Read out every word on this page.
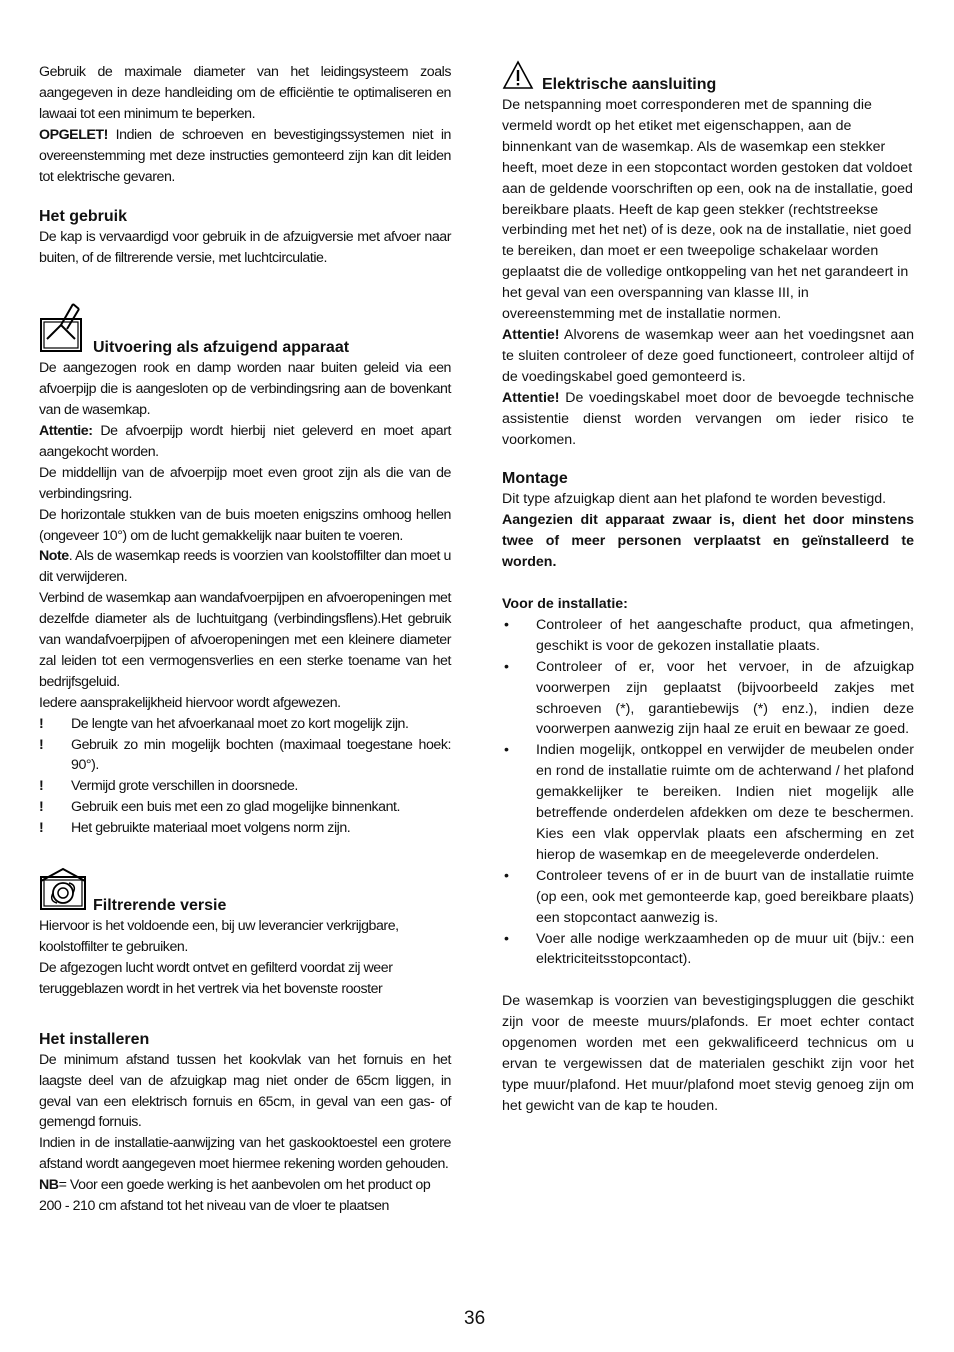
Gebruik de maximale diameter van het leidingsysteem zoals aangegeven in deze handleiding om de efficiëntie te optimaliseren en lawaai tot een minimum te beperken.

OPGELET! Indien de schroeven en bevestigingssystemen niet in overeenstemming met deze instructies gemonteerd zijn kan dit leiden tot elektrische gevaren.

Het gebruik

De kap is vervaardigd voor gebruik in de afzuigversie met afvoer naar buiten, of de filtrerende versie, met luchtcirculatie.

Uitvoering als afzuigend apparaat

De aangezogen rook en damp worden naar buiten geleid via een afvoerpijp die is aangesloten op de verbindingsring aan de bovenkant van de wasemkap.

Attentie: De afvoerpijp wordt hierbij niet geleverd en moet apart aangekocht worden.

De middellijn van de afvoerpijp moet even groot zijn als die van de verbindingsring.

De horizontale stukken van de buis moeten enigszins omhoog hellen (ongeveer 10°) om de lucht gemakkelijk naar buiten te voeren.

Note. Als de wasemkap reeds is voorzien van koolstoffilter dan moet u dit verwijderen.

Verbind de wasemkap aan wandafvoerpijpen en afvoeropeningen met dezelfde diameter als de luchtuitgang (verbindingsflens).Het gebruik van wandafvoerpijpen of afvoeropeningen met een kleinere diameter zal leiden tot een vermogensverlies en een sterke toename van het bedrijfsgeluid.

Iedere aansprakelijkheid hiervoor wordt afgewezen.

!	De lengte van het afvoerkanaal moet zo kort mogelijk zijn.
!	Gebruik zo min mogelijk bochten (maximaal toegestane hoek: 90°).
!	Vermijd grote verschillen in doorsnede.
!	Gebruik een buis met een zo glad mogelijke binnenkant.
!	Het gebruikte materiaal moet volgens norm zijn.
Filtrerende versie

Hiervoor is het voldoende een, bij uw leverancier verkrijgbare, koolstoffilter te gebruiken.

De afgezogen lucht wordt ontvet en gefilterd voordat zij weer teruggeblazen wordt in het vertrek via het bovenste rooster

Het installeren

De minimum afstand tussen het kookvlak van het fornuis en het laagste deel van de afzuigkap mag niet onder de 65cm liggen, in geval van een elektrisch fornuis en 65cm, in geval van een gas- of gemengd fornuis.

Indien in de installatie-aanwijzing van het gaskooktoestel een grotere afstand wordt aangegeven moet hiermee rekening worden gehouden.

NB= Voor een goede werking is het aanbevolen om het product op 200 - 210 cm afstand tot het niveau van de vloer te plaatsen

Elektrische aansluiting

De netspanning moet corresponderen met de spanning die vermeld wordt op het etiket met eigenschappen, aan de binnenkant van de wasemkap. Als de wasemkap een stekker heeft, moet deze in een stopcontact worden gestoken dat voldoet aan de geldende voorschriften op een, ook na de installatie, goed bereikbare plaats. Heeft de kap geen stekker (rechtstreekse verbinding met het net) of is deze, ook na de installatie, niet goed te bereiken, dan moet er een tweepolige schakelaar worden geplaatst die de volledige ontkoppeling van het net garandeert in het geval van een overspanning van klasse III, in overeenstemming met de installatie normen.

Attentie! Alvorens de wasemkap weer aan het voedingsnet aan te sluiten controleer of deze goed functioneert, controleer altijd of de voedingskabel goed gemonteerd is.

Attentie! De voedingskabel moet door de bevoegde technische assistentie dienst worden vervangen om ieder risico te voorkomen.

Montage

Dit type afzuigkap dient aan het plafond te worden bevestigd.

Aangezien dit apparaat zwaar is, dient het door minstens twee of meer personen verplaatst en geïnstalleerd te worden.

Voor de installatie:

•	Controleer of het aangeschafte product, qua afmetingen, geschikt is voor de gekozen installatie plaats.
•	Controleer of er, voor het vervoer, in de afzuigkap voorwerpen zijn geplaatst (bijvoorbeeld zakjes met schroeven (*), garantiebewijs (*) enz.), indien deze voorwerpen aanwezig zijn haal ze eruit en bewaar ze goed.
•	Indien mogelijk, ontkoppel en verwijder de meubelen onder en rond de installatie ruimte om de achterwand / het plafond gemakkelijker te bereiken. Indien niet mogelijk alle betreffende onderdelen afdekken om deze te beschermen. Kies een vlak oppervlak plaats een afscherming en zet hierop de wasemkap en de meegeleverde onderdelen.
•	Controleer tevens of er in de buurt van de installatie ruimte (op een, ook met gemonteerde kap, goed bereikbare plaats) een stopcontact aanwezig is.
•	Voer alle nodige werkzaamheden op de muur uit (bijv.: een elektriciteitsstopcontact).

De wasemkap is voorzien van bevestigingspluggen die geschikt zijn voor de meeste muurs/plafonds. Er moet echter contact opgenomen worden met een gekwalificeerd technicus om u ervan te vergewissen dat de materialen geschikt zijn voor het type muur/plafond. Het muur/plafond moet stevig genoeg zijn om het gewicht van de kap te houden.

36
